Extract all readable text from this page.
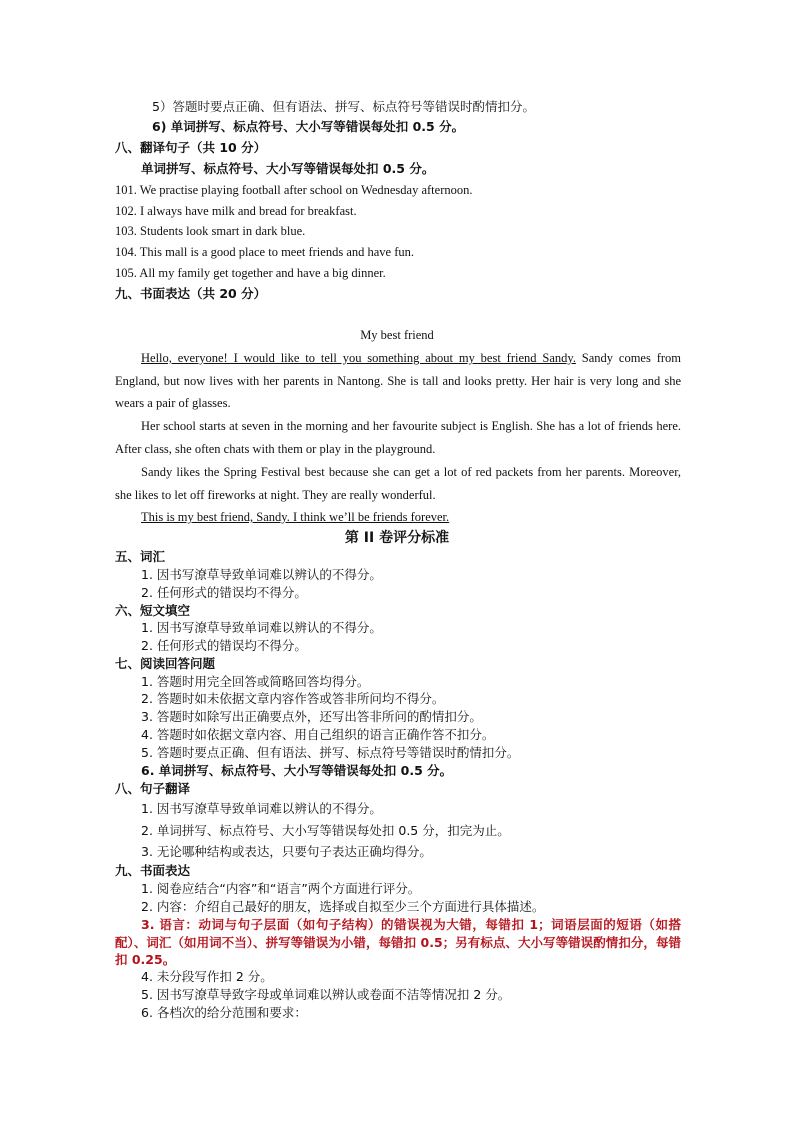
5）答题时要点正确、但有语法、拼写、标点符号等错误时酌情扣分。
6) 单词拼写、标点符号、大小写等错误每处扣 0.5 分。
八、翻译句子（共 10 分）
单词拼写、标点符号、大小写等错误每处扣 0.5 分。
101. We practise playing football after school on Wednesday afternoon.
102. I always have milk and bread for breakfast.
103. Students look smart in dark blue.
104. This mall is a good place to meet friends and have fun.
105. All my family get together and have a big dinner.
九、书面表达（共 20 分）
My best friend
Hello, everyone! I would like to tell you something about my best friend Sandy. Sandy comes from England, but now lives with her parents in Nantong. She is tall and looks pretty. Her hair is very long and she wears a pair of glasses.
Her school starts at seven in the morning and her favourite subject is English. She has a lot of friends here. After class, she often chats with them or play in the playground.
Sandy likes the Spring Festival best because she can get a lot of red packets from her parents. Moreover, she likes to let off fireworks at night. They are really wonderful.
This is my best friend, Sandy. I think we’ll be friends forever.
第 II 卷评分标准
五、词汇
1. 因书写潦草导致单词难以辨认的不得分。
2. 任何形式的错误均不得分。
六、短文填空
1. 因书写潦草导致单词难以辨认的不得分。
2. 任何形式的错误均不得分。
七、阅读回答问题
1. 答题时用完全回答或简略回答均得分。
2. 答题时如未依据文章内容作答或答非所问均不得分。
3. 答题时如除写出正确要点外，还写出答非所问的酌情扣分。
4. 答题时如依据文章内容、用自己组织的语言正确作答不扣分。
5. 答题时要点正确、但有语法、拼写、标点符号等错误时酌情扣分。
6. 单词拼写、标点符号、大小写等错误每处扣 0.5 分。
八、句子翻译
1. 因书写潦草导致单词难以辨认的不得分。
2. 单词拼写、标点符号、大小写等错误每处扣 0.5 分，扣完为止。
3. 无论哪种结构或表达，只要句子表达正确均得分。
九、书面表达
1. 阅卷应结合“内容”和“语言”两个方面进行评分。
2. 内容：介绍自己最好的朋友，选择或自拟至少三个方面进行具体描述。
3. 语言：动词与句子层面（如句子结构）的错误视为大错，每错扣 1；词语层面的短语（如搭配）、词汇（如用词不当）、拼写等错误为小错，每错扣 0.5；另有标点、大小写等错误酌情扣分，每错扣 0.25。
4. 未分段写作扣 2 分。
5. 因书写潦草导致字母或单词难以辨认或卷面不洁等情况扣 2 分。
6. 各档次的给分范围和要求：
